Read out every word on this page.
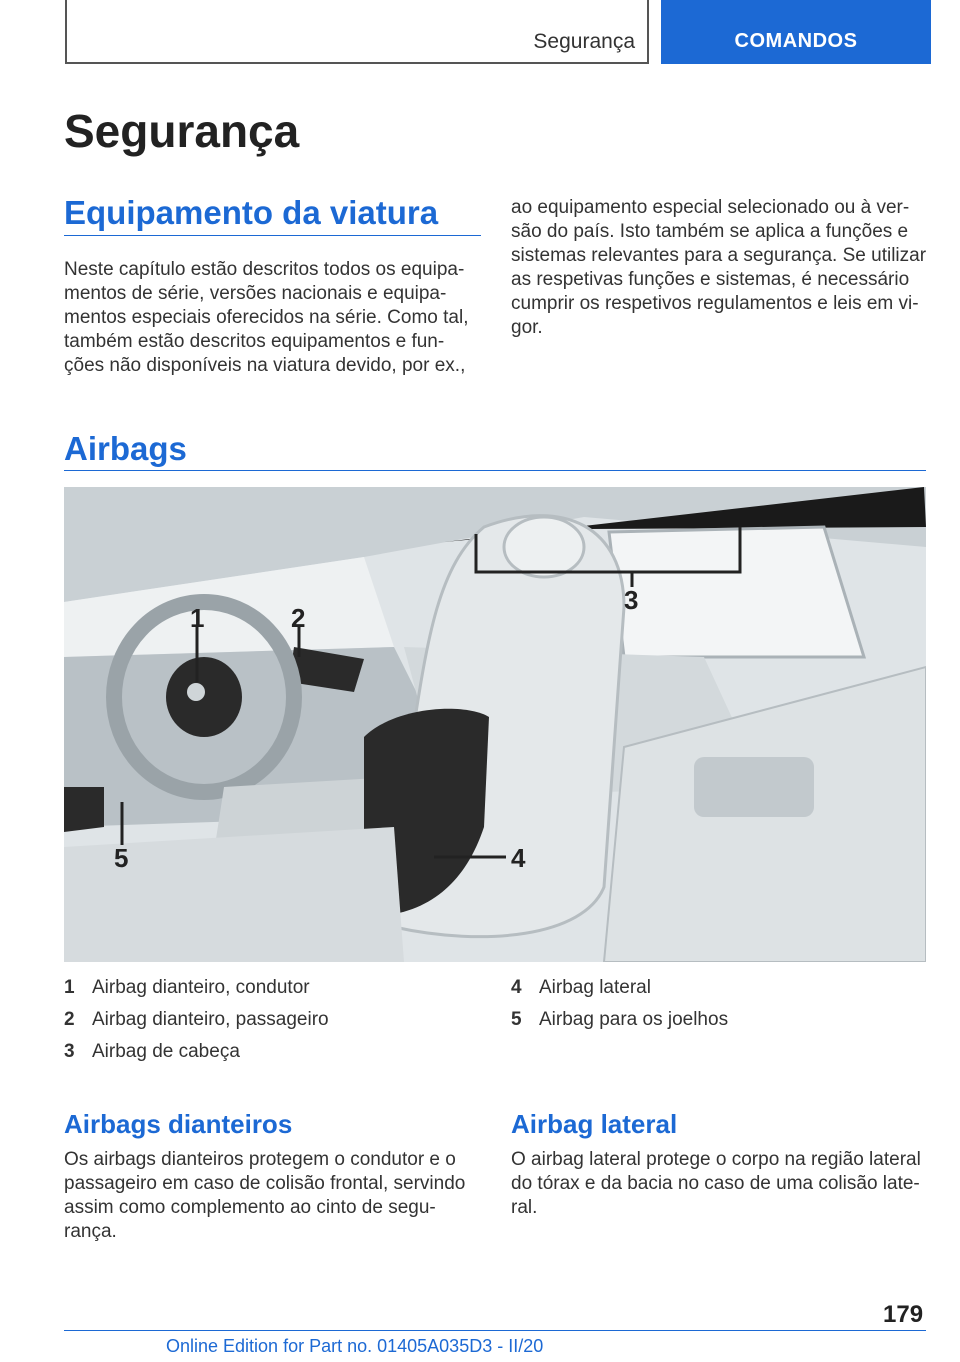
Segurança	COMANDOS
Segurança
Equipamento da viatura
Neste capítulo estão descritos todos os equipa-
mentos de série, versões nacionais e equipa-
mentos especiais oferecidos na série. Como tal,
também estão descritos equipamentos e fun-
ções não disponíveis na viatura devido, por ex.,
ao equipamento especial selecionado ou à ver-
são do país. Isto também se aplica a funções e
sistemas relevantes para a segurança. Se utilizar
as respetivas funções e sistemas, é necessário
cumprir os respetivos regulamentos e leis em vi-
gor.
Airbags
1	2
3
4
5
1 Airbag dianteiro, condutor
2 Airbag dianteiro, passageiro
3 Airbag de cabeça
4 Airbag lateral
5 Airbag para os joelhos
Airbags dianteiros
Os airbags dianteiros protegem o condutor e o
passageiro em caso de colisão frontal, servindo
assim como complemento ao cinto de segu-
rança.
Airbag lateral
O airbag lateral protege o corpo na região lateral
do tórax e da bacia no caso de uma colisão late-
ral.
179
Online Edition for Part no. 01405A035D3 - II/20
